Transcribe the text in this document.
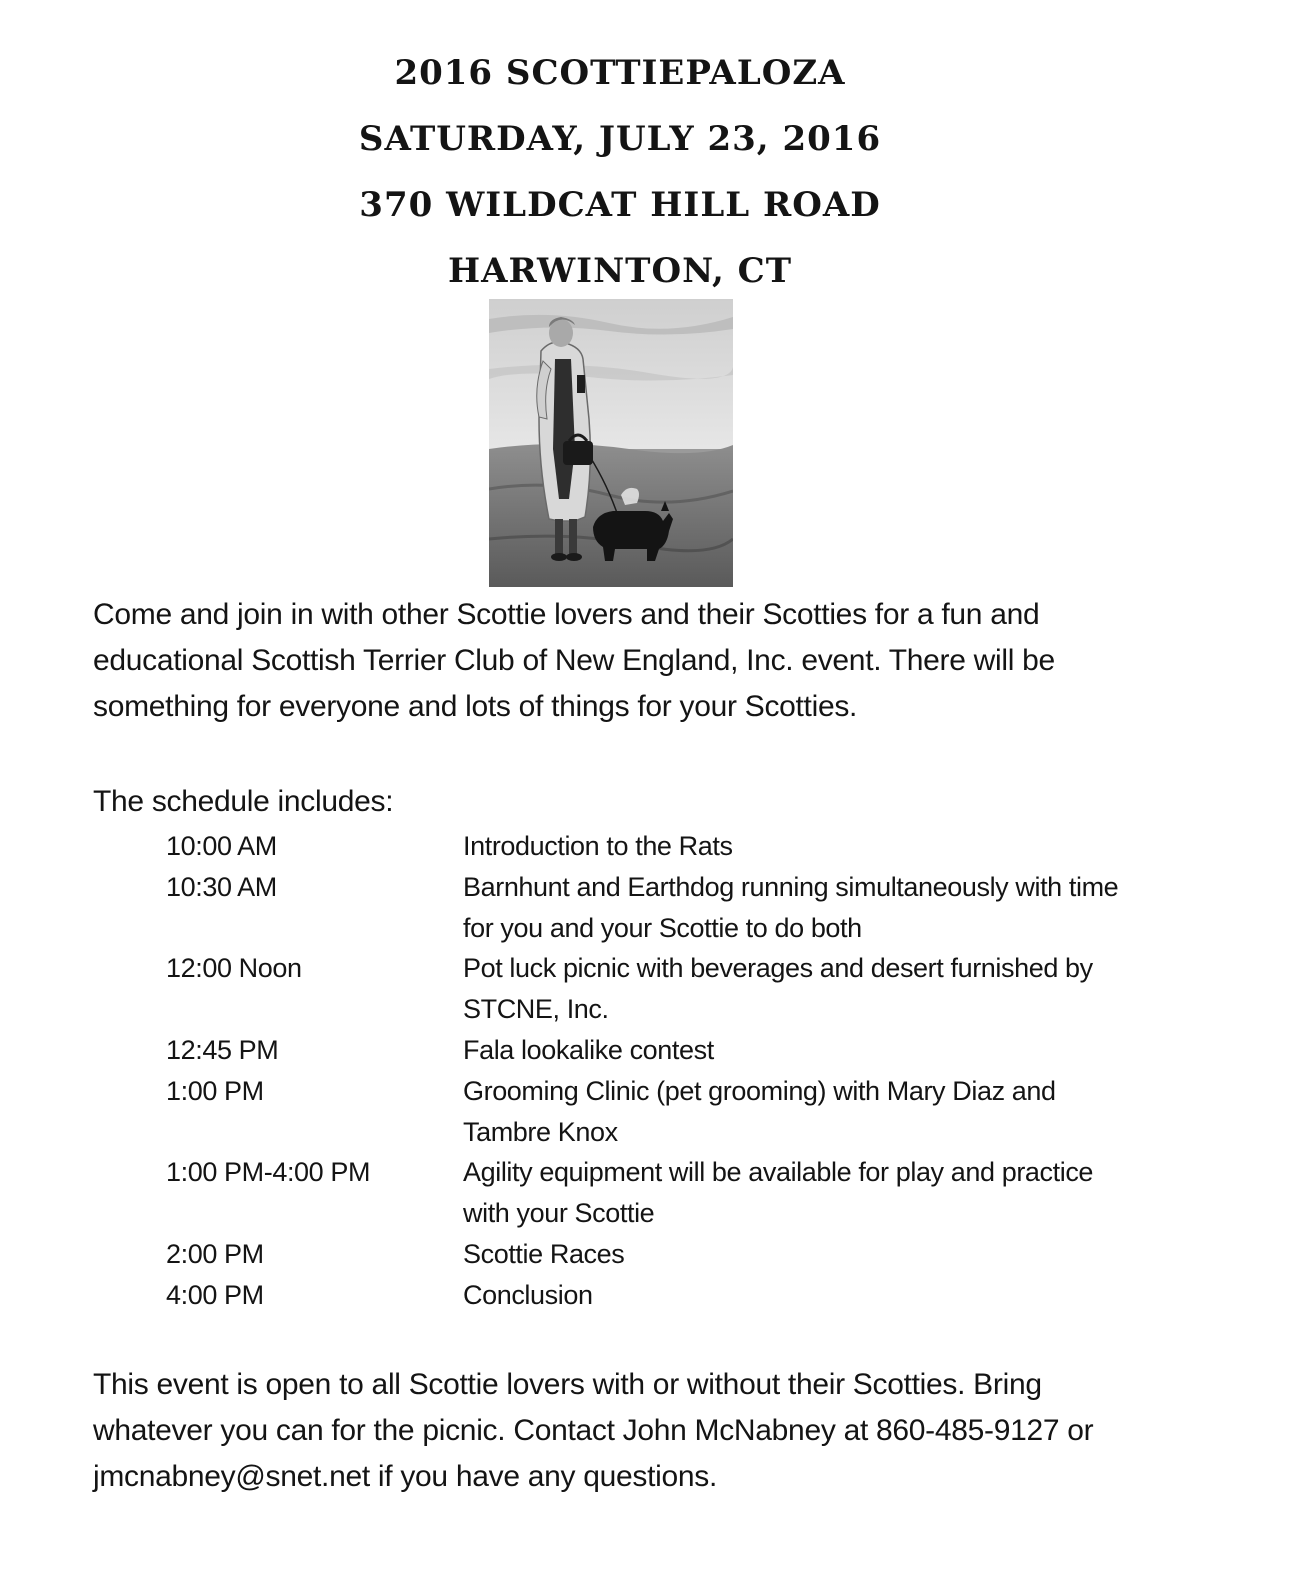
2016 SCOTTIEPALOZA
SATURDAY, JULY 23, 2016
370 WILDCAT HILL ROAD
HARWINTON, CT
Come and join in with other Scottie lovers and their Scotties for a fun and educational Scottish Terrier Club of New England, Inc. event. There will be something for everyone and lots of things for your Scotties.
The schedule includes:
10:00 AM	Introduction to the Rats
10:30 AM	Barnhunt and Earthdog running simultaneously with time for you and your Scottie to do both
12:00 Noon	Pot luck picnic with beverages and desert furnished by STCNE, Inc.
12:45 PM	Fala lookalike contest
1:00 PM	Grooming Clinic (pet grooming) with Mary Diaz and Tambre Knox
1:00 PM-4:00 PM	Agility equipment will be available for play and practice with your Scottie
2:00 PM	Scottie Races
4:00 PM	Conclusion
This event is open to all Scottie lovers with or without their Scotties. Bring whatever you can for the picnic. Contact John McNabney at 860-485-9127 or jmcnabney@snet.net if you have any questions.
